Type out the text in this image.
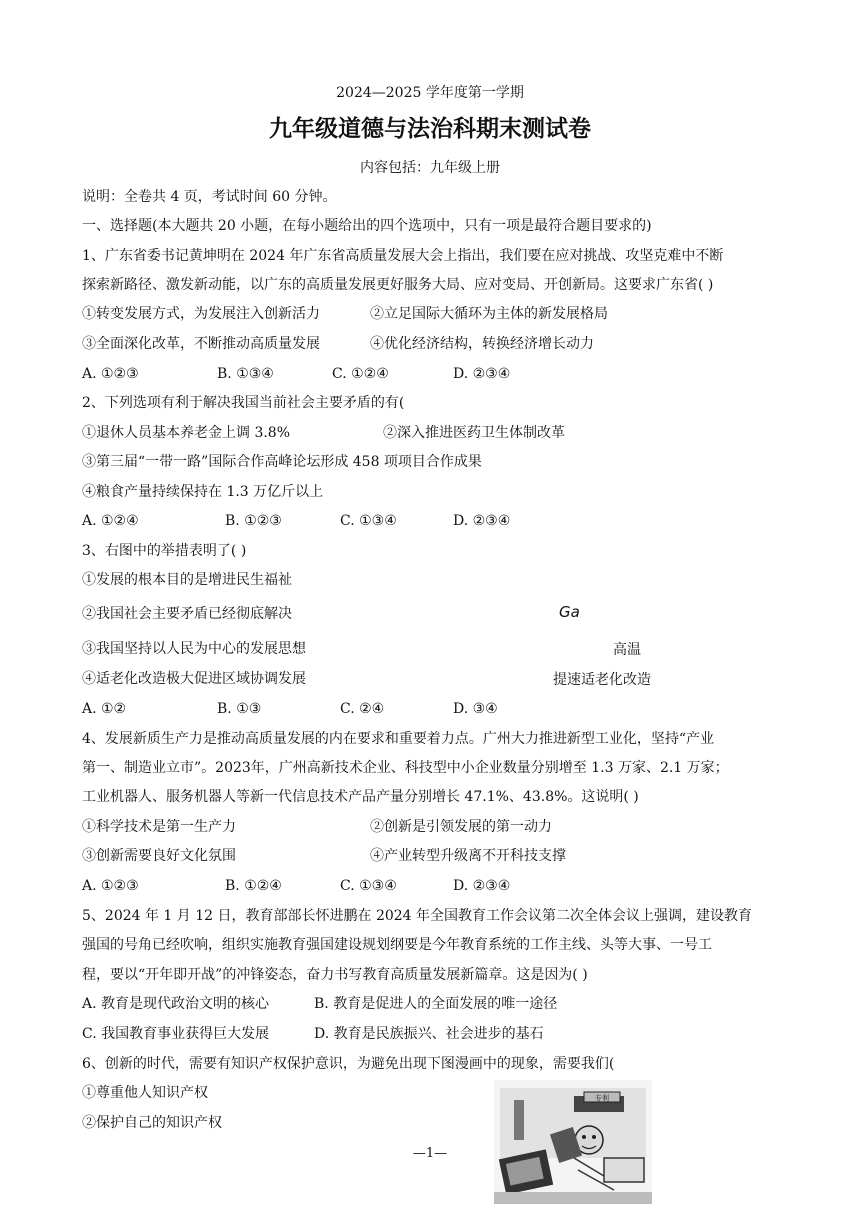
2024—2025 学年度第一学期
九年级道德与法治科期末测试卷
内容包括：九年级上册
说明：全卷共 4 页，考试时间 60 分钟。
一、选择题(本大题共 20 小题，在每小题给出的四个选项中，只有一项是最符合题目要求的)
1、广东省委书记黄坤明在 2024 年广东省高质量发展大会上指出，我们要在应对挑战、攻坚克难中不断
探索新路径、激发新动能，以广东的高质量发展更好服务大局、应对变局、开创新局。这要求广东省( )
①转变发展方式，为发展注入创新活力	②立足国际大循环为主体的新发展格局
③全面深化改革，不断推动高质量发展	④优化经济结构，转换经济增长动力
A. ①②③	B. ①③④	C. ①②④	D. ②③④
2、下列选项有利于解决我国当前社会主要矛盾的有(
①退休人员基本养老金上调 3.8%	②深入推进医药卫生体制改革
③第三届“一带一路”国际合作高峰论坛形成 458 项项目合作成果
④粮食产量持续保持在 1.3 万亿斤以上
A. ①②④	B. ①②③	C. ①③④	D. ②③④
3、右图中的举措表明了( )
①发展的根本目的是增进民生福祉
②我国社会主要矛盾已经彻底解决	Ga
③我国坚持以人民为中心的发展思想	高温
④适老化改造极大促进区域协调发展	提速适老化改造
A. ①②	B. ①③	C. ②④	D. ③④
4、发展新质生产力是推动高质量发展的内在要求和重要着力点。广州大力推进新型工业化，坚持“产业
第一、制造业立市”。2023年，广州高新技术企业、科技型中小企业数量分别增至 1.3 万家、2.1 万家；
工业机器人、服务机器人等新一代信息技术产品产量分别增长 47.1%、43.8%。这说明( )
①科学技术是第一生产力	②创新是引领发展的第一动力
③创新需要良好文化氛围	④产业转型升级离不开科技支撑
A. ①②③	B. ①②④	C. ①③④	D. ②③④
5、2024 年 1 月 12 日，教育部部长怀进鹏在 2024 年全国教育工作会议第二次全体会议上强调，建设教育
强国的号角已经吹响，组织实施教育强国建设规划纲要是今年教育系统的工作主线、头等大事、一号工
程，要以“开年即开战”的冲锋姿态，奋力书写教育高质量发展新篇章。这是因为( )
A. 教育是现代政治文明的核心	B. 教育是促进人的全面发展的唯一途径
C. 我国教育事业获得巨大发展	D. 教育是民族振兴、社会进步的基石
6、创新的时代，需要有知识产权保护意识，为避免出现下图漫画中的现象，需要我们(
①尊重他人知识产权
②保护自己的知识产权
专利
—1—
